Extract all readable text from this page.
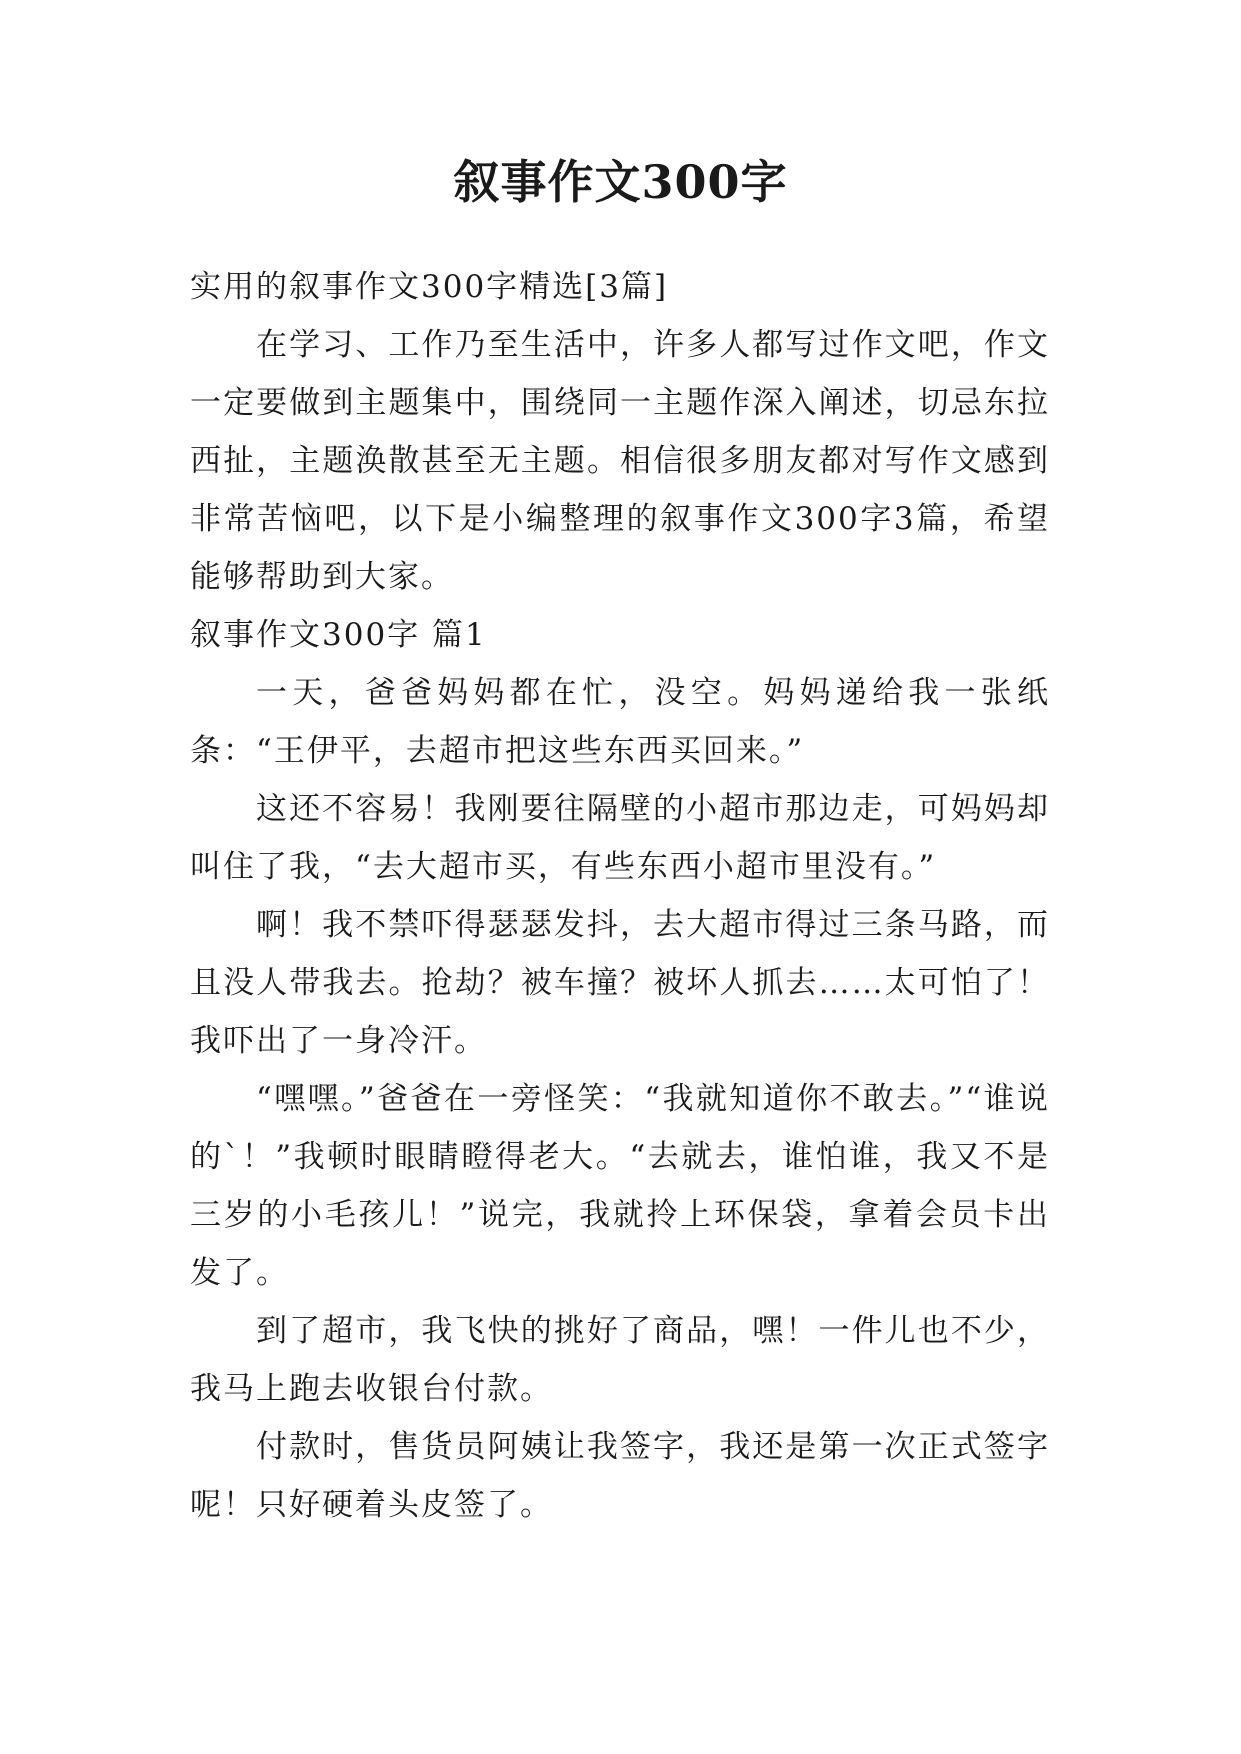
叙事作文300字

实用的叙事作文300字精选[3篇]

在学习、工作乃至生活中，许多人都写过作文吧，作文一定要做到主题集中，围绕同一主题作深入阐述，切忌东拉西扯，主题涣散甚至无主题。相信很多朋友都对写作文感到非常苦恼吧，以下是小编整理的叙事作文300字3篇，希望能够帮助到大家。

叙事作文300字 篇1

一天，爸爸妈妈都在忙，没空。妈妈递给我一张纸条：“王伊平，去超市把这些东西买回来。”

这还不容易！我刚要往隔壁的小超市那边走，可妈妈却叫住了我，“去大超市买，有些东西小超市里没有。”

啊！我不禁吓得瑟瑟发抖，去大超市得过三条马路，而且没人带我去。抢劫？被车撞？被坏人抓去……太可怕了！我吓出了一身冷汗。

“嘿嘿。”爸爸在一旁怪笑：“我就知道你不敢去。”“谁说的`！”我顿时眼睛瞪得老大。“去就去，谁怕谁，我又不是三岁的小毛孩儿！”说完，我就拎上环保袋，拿着会员卡出发了。

到了超市，我飞快的挑好了商品，嘿！一件儿也不少，我马上跑去收银台付款。

付款时，售货员阿姨让我签字，我还是第一次正式签字呢！只好硬着头皮签了。
